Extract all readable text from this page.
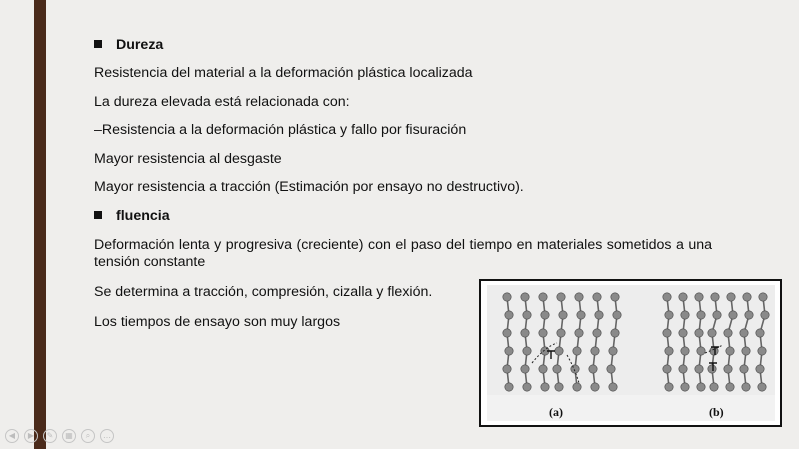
Dureza
Resistencia del material a la deformación plástica localizada
La dureza elevada está relacionada con:
–Resistencia a la deformación plástica y fallo por fisuración
Mayor resistencia al desgaste
Mayor resistencia a tracción (Estimación por ensayo no destructivo).
fluencia
Deformación lenta y progresiva (creciente) con el paso del tiempo en materiales sometidos a una tensión constante
Se determina a tracción, compresión, cizalla y flexión.
Los tiempos de ensayo son muy largos
(a)	(b)
◀	▶	✎	▦	⌕	…
